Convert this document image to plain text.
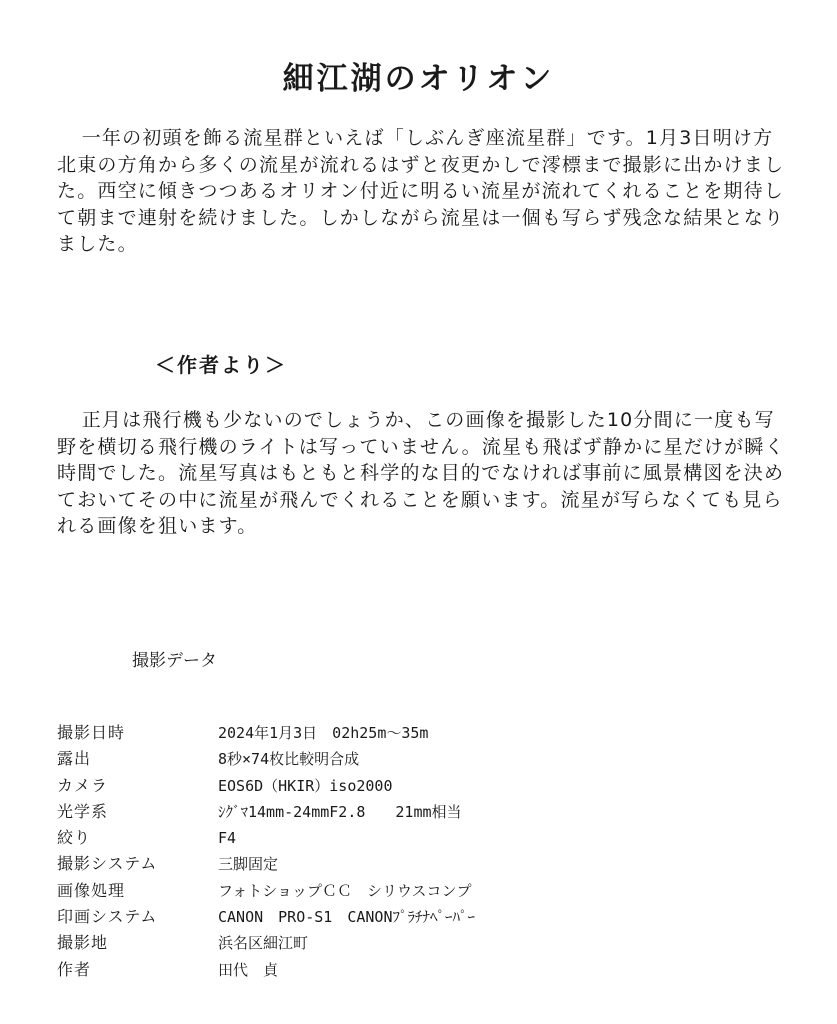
細江湖のオリオン

一年の初頭を飾る流星群といえば「しぶんぎ座流星群」です。1月3日明け方北東の方角から多くの流星が流れるはずと夜更かしで澪標まで撮影に出かけました。西空に傾きつつあるオリオン付近に明るい流星が流れてくれることを期待して朝まで連射を続けました。しかしながら流星は一個も写らず残念な結果となりました。

＜作者より＞

正月は飛行機も少ないのでしょうか、この画像を撮影した10分間に一度も写野を横切る飛行機のライトは写っていません。流星も飛ばず静かに星だけが瞬く時間でした。流星写真はもともと科学的な目的でなければ事前に風景構図を決めておいてその中に流星が飛んでくれることを願います。流星が写らなくても見られる画像を狙います。

撮影データ
撮影日時	2024年1月3日　02h25m〜35m
露出	8秒×74枚比較明合成
カメラ	EOS6D（HKIR）iso2000
光学系	ｼｸﾞﾏ14mm-24mmF2.8　　21mm相当
絞り	F4
撮影システム	三脚固定
画像処理	フォトショップＣＣ　シリウスコンプ
印画システム	CANON　PRO-S1　CANONﾌﾟﾗﾁﾅﾍﾟｰﾊﾟｰ
撮影地	浜名区細江町
作者	田代　貞
